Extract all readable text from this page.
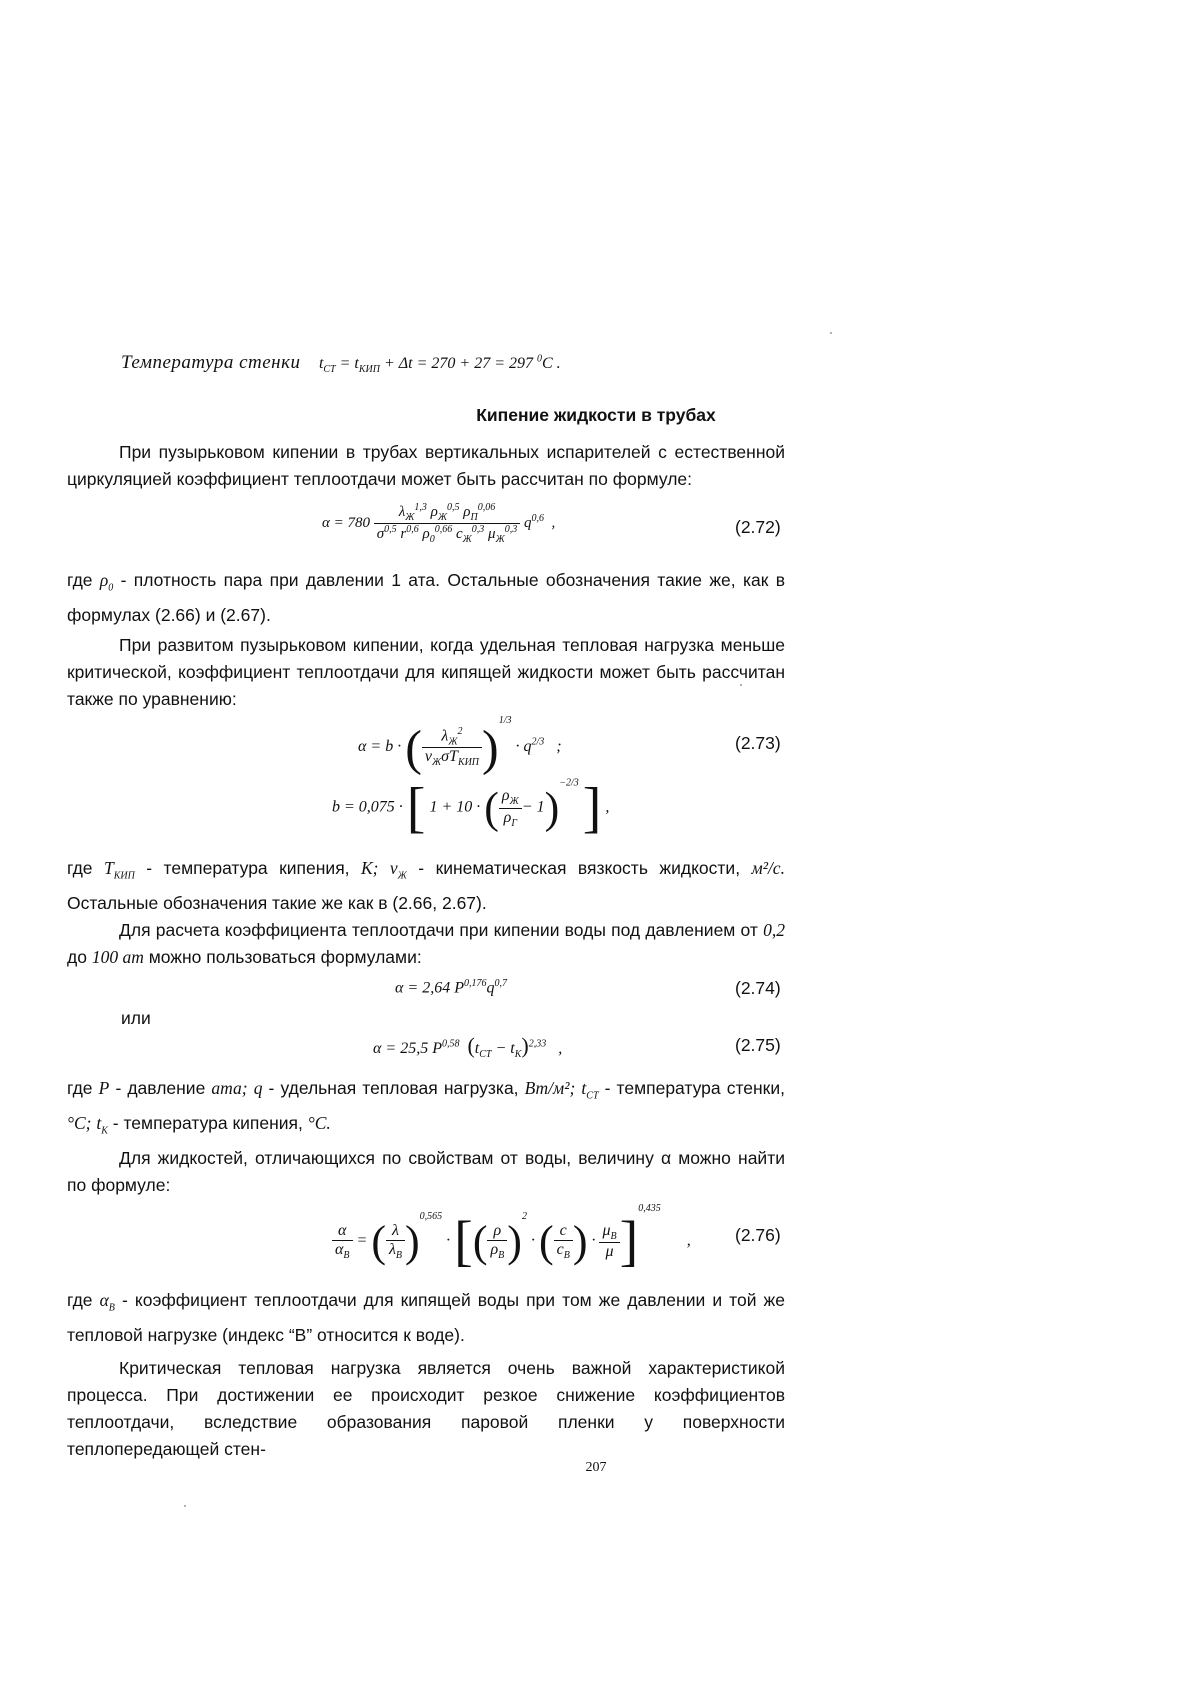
Температура стенки $t_{CT} = t_{КИП} + \Delta t = 270 + 27 = 297$ $^0$C .
Кипение жидкости в трубах
При пузырьковом кипении в трубах вертикальных испарителей с естественной циркуляцией коэффициент теплоотдачи может быть рассчитан по формуле:
$\alpha = 780 \frac{\lambda_Ж^{1,3} \rho_Ж^{0,5} \rho_П^{0,06}}{\sigma^{0,5} r^{0,6} \rho_0^{0,66} c_Ж^{0,3} \mu_Ж^{0,3}} q^{0,6}$  ,	(2.72)
где $\rho_0$ - плотность пара при давлении 1 ата. Остальные обозначения такие же, как в формулах (2.66) и (2.67).
При развитом пузырьковом кипении, когда удельная тепловая нагрузка меньше критической, коэффициент теплоотдачи для кипящей жидкости может быть рассчитан также по уравнению:
α = b · ( $\frac{\lambda_Ж^2}{\nu_Ж\sigma T_{КИП}} )^{1/3} \cdot q^{2/3}$   ;	(2.73)
b = 0,075 · [ 1 + 10 · ( $\frac{\rho_Ж}{\rho_Г} - 1)^{-2/3}$ ] ,
где $T_{КИП}$ - температура кипения, К; $\nu_Ж$ - кинематическая вязкость жидкости, м²/с. Остальные обозначения такие же как в (2.66, 2.67).
Для расчета коэффициента теплоотдачи при кипении воды под давлением от 0,2 до 100 ат можно пользоваться формулами:
α = 2,64 $P^{0,176}q^{0,7}$	(2.74)
или
α = 25,5 P$^{0,58}$ $(t_{CT} - t_K)^{2,33}$   ,	(2.75)
где P - давление ата; q - удельная тепловая нагрузка, Вт/м²; $t_{CT}$ - температура стенки, °С; $t_K$ - температура кипения, °С.
Для жидкостей, отличающихся по свойствам от воды, величину α можно найти по формуле:
$\frac{\alpha}{\alpha_B}$ = ( $\frac{\lambda}{\lambda_B} )^{0,565}$ · [( $\frac{\rho}{\rho_B} )^2$ · ( $\frac{c}{c_B}$ ) · $\frac{\mu_B}{\mu} ]^{0,435}$ ,	(2.76)
где $\alpha_B$ - коэффициент теплоотдачи для кипящей воды при том же давлении и той же тепловой нагрузке (индекс “B” относится к воде).
Критическая тепловая нагрузка является очень важной характеристикой процесса. При достижении ее происходит резкое снижение коэффициентов теплоотдачи, вследствие образования паровой пленки у поверхности теплопередающей стен-
207
